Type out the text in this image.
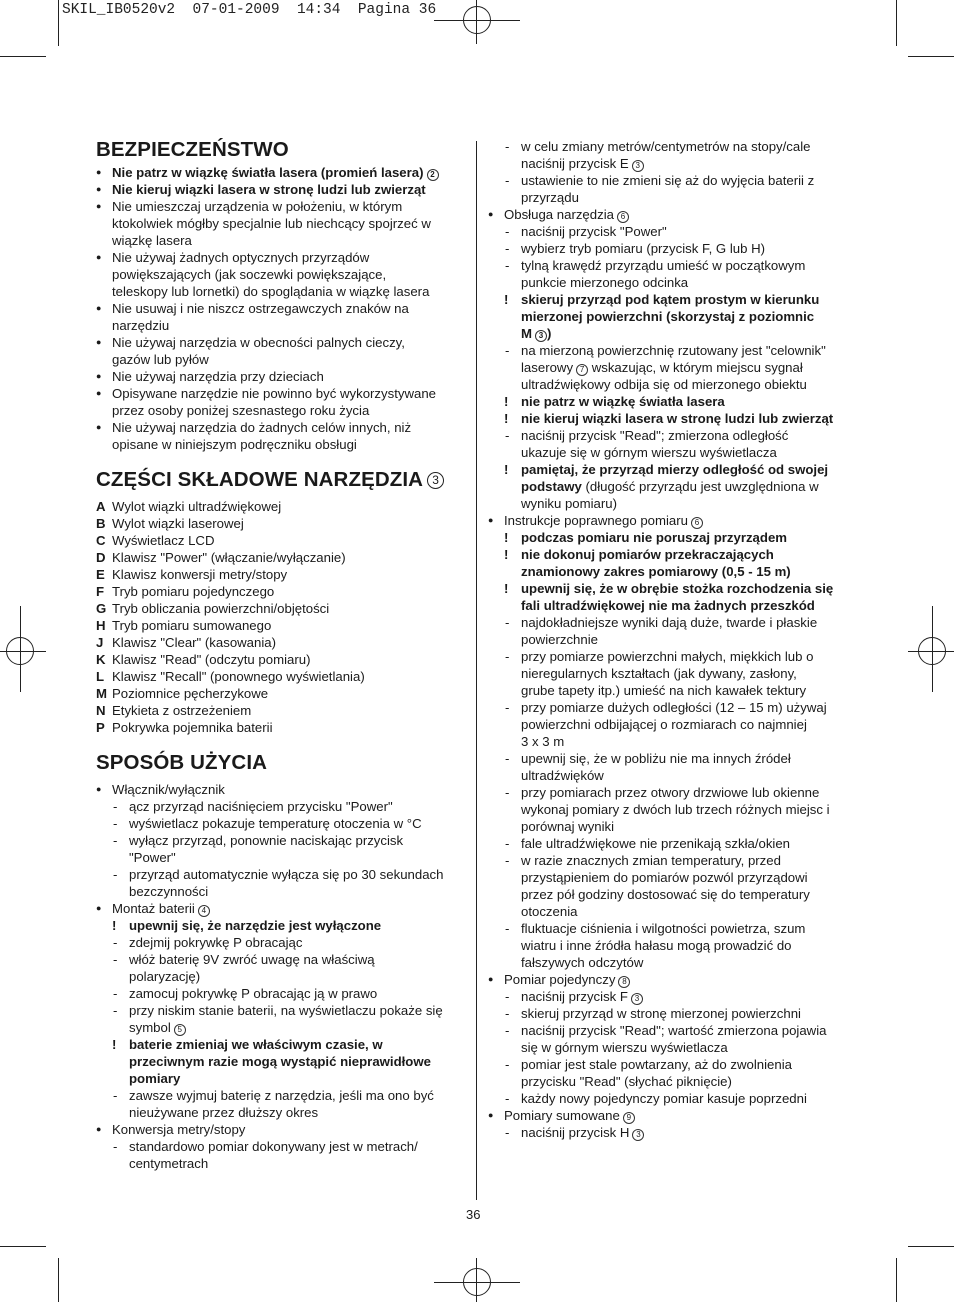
SKIL_IB0520v2  07-01-2009  14:34  Pagina 36
BEZPIECZEŃSTWO
● Nie patrz w wiązkę światła lasera (promień lasera) 2
● Nie kieruj wiązki lasera w stronę ludzi lub zwierząt
● Nie umieszczaj urządzenia w położeniu, w którym
ktokolwiek mógłby specjalnie lub niechcący spojrzeć w
wiązkę lasera
● Nie używaj żadnych optycznych przyrządów
powiększających (jak soczewki powiększające,
teleskopy lub lornetki) do spoglądania w wiązkę lasera
● Nie usuwaj i nie niszcz ostrzegawczych znaków na
narzędziu
● Nie używaj narzędzia w obecności palnych cieczy,
gazów lub pyłów
● Nie używaj narzędzia przy dzieciach
● Opisywane narzędzie nie powinno być wykorzystywane
przez osoby poniżej szesnastego roku życia
● Nie używaj narzędzia do żadnych celów innych, niż
opisane w niniejszym podręczniku obsługi
CZĘŚCI SKŁADOWE NARZĘDZIA 3
A Wylot wiązki ultradźwiękowej
B Wylot wiązki laserowej
C Wyświetlacz LCD
D Klawisz "Power" (włączanie/wyłączanie)
E Klawisz konwersji metry/stopy
F Tryb pomiaru pojedynczego
G Tryb obliczania powierzchni/objętości
H Tryb pomiaru sumowanego
J Klawisz "Clear" (kasowania)
K Klawisz "Read" (odczytu pomiaru)
L Klawisz "Recall" (ponownego wyświetlania)
M Poziomnice pęcherzykowe
N Etykieta z ostrzeżeniem
P Pokrywka pojemnika baterii
SPOSÓB UŻYCIA
● Włącznik/wyłącznik
- ącz przyrząd naciśnięciem przycisku "Power"
- wyświetlacz pokazuje temperaturę otoczenia w °C
- wyłącz przyrząd, ponownie naciskając przycisk
"Power"
- przyrząd automatycznie wyłącza się po 30 sekundach
bezczynności
● Montaż baterii 4
! upewnij się, że narzędzie jest wyłączone
- zdejmij pokrywkę P obracając
- włóż baterię 9V zwróć uwagę na właściwą
polaryzację)
- zamocuj pokrywkę P obracając ją w prawo
- przy niskim stanie baterii, na wyświetlaczu pokaże się
symbol 5
! baterie zmieniaj we właściwym czasie, w
przeciwnym razie mogą wystąpić nieprawidłowe
pomiary
- zawsze wyjmuj baterię z narzędzia, jeśli ma ono być
nieużywane przez dłuższy okres
● Konwersja metry/stopy
- standardowo pomiar dokonywany jest w metrach/
centymetrach
- w celu zmiany metrów/centymetrów na stopy/cale
naciśnij przycisk E 3
- ustawienie to nie zmieni się aż do wyjęcia baterii z
przyrządu
● Obsługa narzędzia 6
- naciśnij przycisk "Power"
- wybierz tryb pomiaru (przycisk F, G lub H)
- tylną krawędź przyrządu umieść w początkowym
punkcie mierzonego odcinka
! skieruj przyrząd pod kątem prostym w kierunku
mierzonej powierzchni (skorzystaj z poziomnic
M 3 )
- na mierzoną powierzchnię rzutowany jest "celownik"
laserowy 7 wskazując, w którym miejscu sygnał
ultradźwiękowy odbija się od mierzonego obiektu
! nie patrz w wiązkę światła lasera
! nie kieruj wiązki lasera w stronę ludzi lub zwierząt
- naciśnij przycisk "Read"; zmierzona odległość
ukazuje się w górnym wierszu wyświetlacza
! pamiętaj, że przyrząd mierzy odległość od swojej
podstawy (długość przyrządu jest uwzględniona w
wyniku pomiaru)
● Instrukcje poprawnego pomiaru 6
! podczas pomiaru nie poruszaj przyrządem
! nie dokonuj pomiarów przekraczających
znamionowy zakres pomiarowy (0,5 - 15 m)
! upewnij się, że w obrębie stożka rozchodzenia się
fali ultradźwiękowej nie ma żadnych przeszkód
- najdokładniejsze wyniki dają duże, twarde i płaskie
powierzchnie
- przy pomiarze powierzchni małych, miękkich lub o
nieregularnych kształtach (jak dywany, zasłony,
grube tapety itp.) umieść na nich kawałek tektury
- przy pomiarze dużych odległości (12 – 15 m) używaj
powierzchni odbijającej o rozmiarach co najmniej
3 x 3 m
- upewnij się, że w pobliżu nie ma innych źródeł
ultradźwięków
- przy pomiarach przez otwory drzwiowe lub okienne
wykonaj pomiary z dwóch lub trzech różnych miejsc i
porównaj wyniki
- fale ultradźwiękowe nie przenikają szkła/okien
- w razie znacznych zmian temperatury, przed
przystąpieniem do pomiarów pozwól przyrządowi
przez pół godziny dostosować się do temperatury
otoczenia
- fluktuacje ciśnienia i wilgotności powietrza, szum
wiatru i inne źródła hałasu mogą prowadzić do
fałszywych odczytów
● Pomiar pojedynczy 8
- naciśnij przycisk F 3
- skieruj przyrząd w stronę mierzonej powierzchni
- naciśnij przycisk "Read"; wartość zmierzona pojawia
się w górnym wierszu wyświetlacza
- pomiar jest stale powtarzany, aż do zwolnienia
przycisku "Read" (słychać piknięcie)
- każdy nowy pojedynczy pomiar kasuje poprzedni
● Pomiary sumowane 9
- naciśnij przycisk H 3
36
